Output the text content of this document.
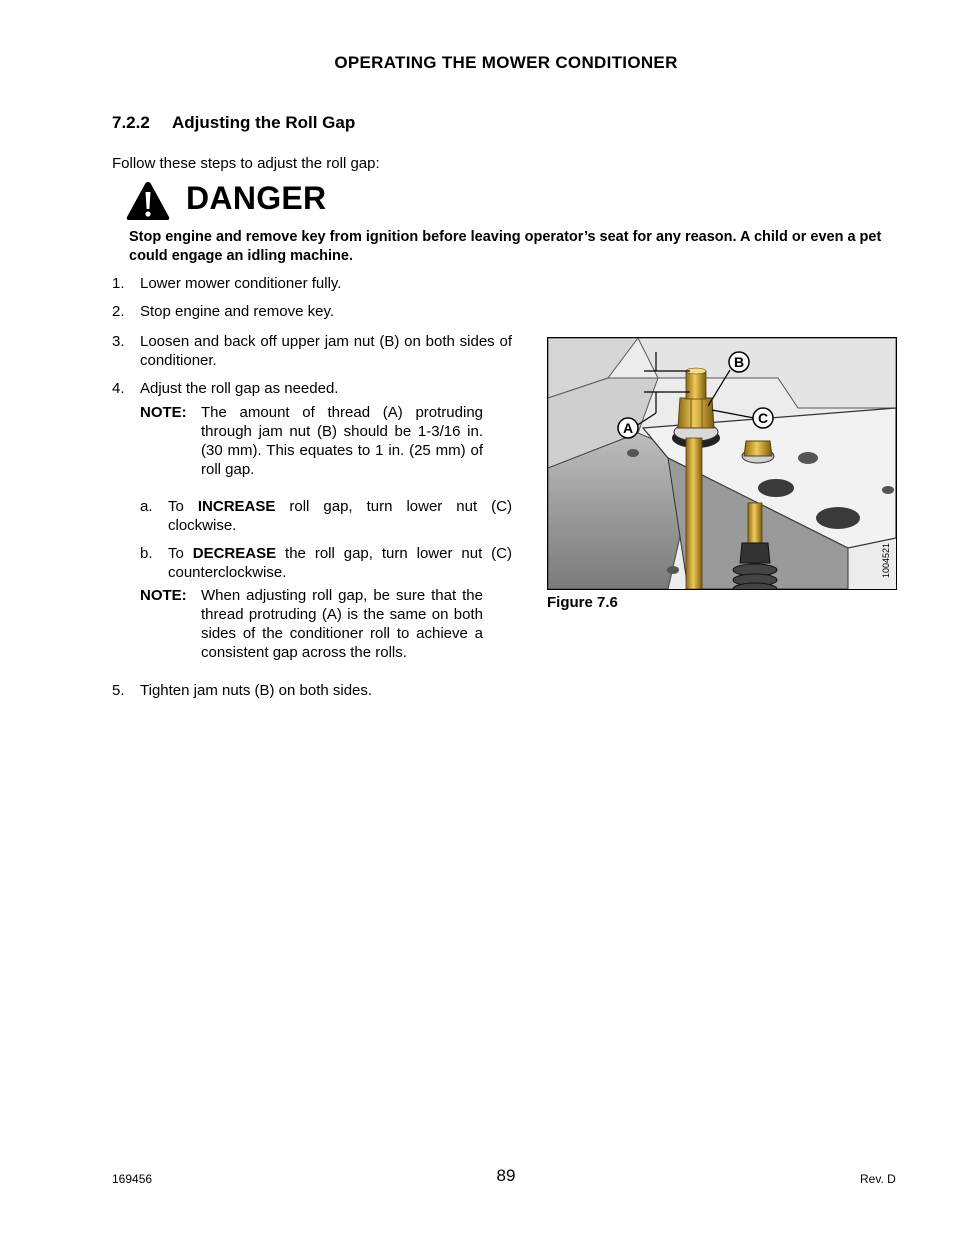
OPERATING THE MOWER CONDITIONER
7.2.2 Adjusting the Roll Gap
Follow these steps to adjust the roll gap:
DANGER
Stop engine and remove key from ignition before leaving operator’s seat for any reason. A child or even a pet could engage an idling machine.
1. Lower mower conditioner fully.
2. Stop engine and remove key.
3. Loosen and back off upper jam nut (B) on both sides of conditioner.
4. Adjust the roll gap as needed.
NOTE: The amount of thread (A) protruding through jam nut (B) should be 1-3/16 in. (30 mm). This equates to 1 in. (25 mm) of roll gap.
a. To INCREASE roll gap, turn lower nut (C) clockwise.
b. To DECREASE the roll gap, turn lower nut (C) counterclockwise.
NOTE: When adjusting roll gap, be sure that the thread protruding (A) is the same on both sides of the conditioner roll to achieve a consistent gap across the rolls.
5. Tighten jam nuts (B) on both sides.
A
B
C
1004521
Figure 7.6
169456	89	Rev. D
